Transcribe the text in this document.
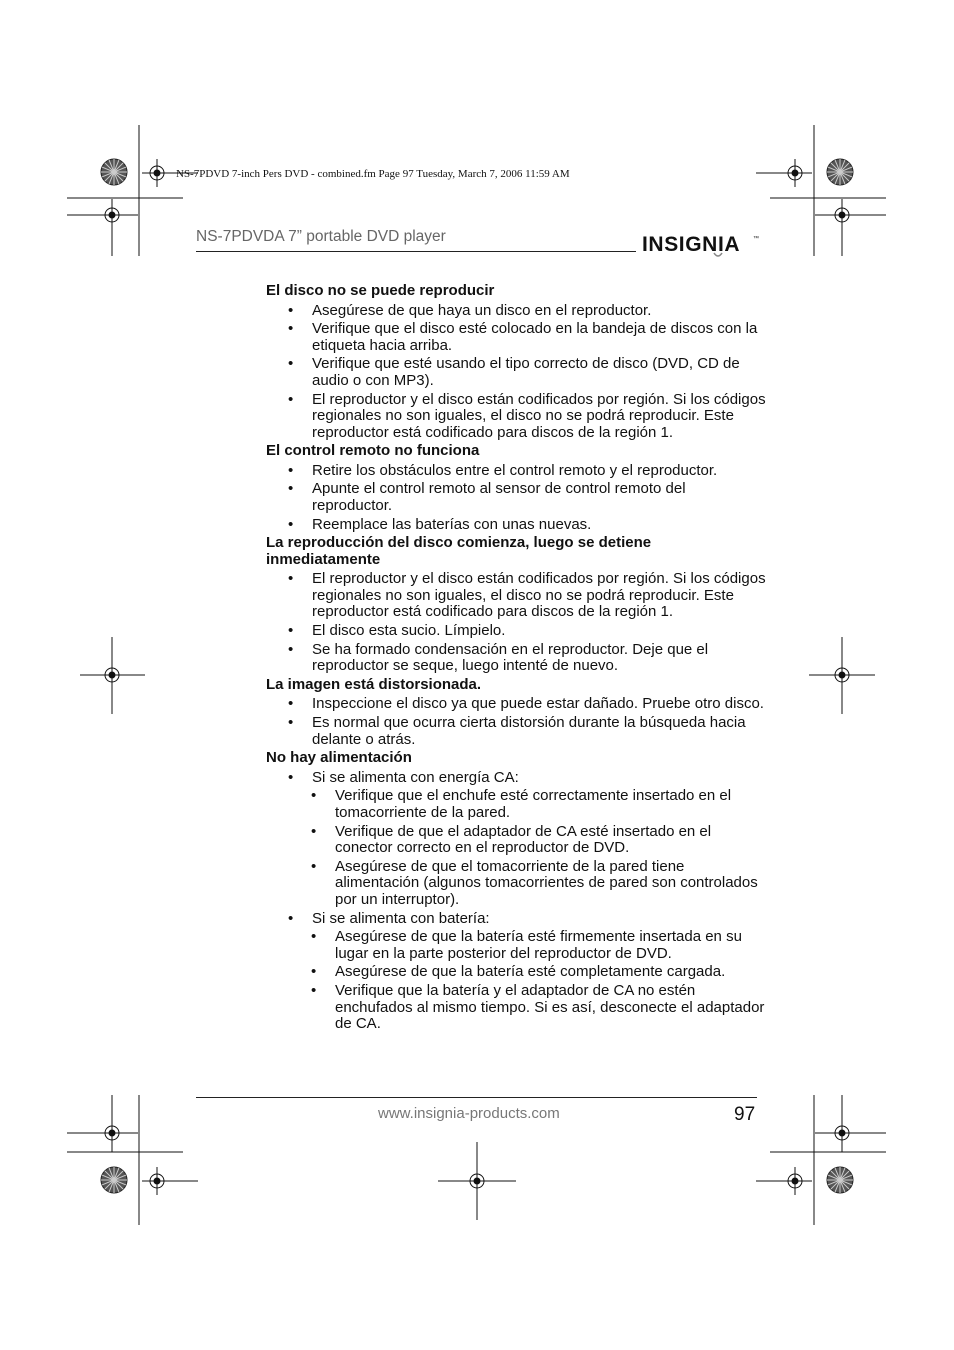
NS-7PDVD 7-inch Pers DVD - combined.fm Page 97 Tuesday, March 7, 2006 11:59 AM
NS-7PDVDA 7” portable DVD player	INSIGNIA ™
El disco no se puede reproducir
• Asegúrese de que haya un disco en el reproductor.
• Verifique que el disco esté colocado en la bandeja de discos con la etiqueta hacia arriba.
• Verifique que esté usando el tipo correcto de disco (DVD, CD de audio o con MP3).
• El reproductor y el disco están codificados por región. Si los códigos regionales no son iguales, el disco no se podrá reproducir. Este reproductor está codificado para discos de la región 1.
El control remoto no funciona
• Retire los obstáculos entre el control remoto y el reproductor.
• Apunte el control remoto al sensor de control remoto del reproductor.
• Reemplace las baterías con unas nuevas.
La reproducción del disco comienza, luego se detiene inmediatamente
• El reproductor y el disco están codificados por región. Si los códigos regionales no son iguales, el disco no se podrá reproducir. Este reproductor está codificado para discos de la región 1.
• El disco esta sucio. Límpielo.
• Se ha formado condensación en el reproductor. Deje que el reproductor se seque, luego intenté de nuevo.
La imagen está distorsionada.
• Inspeccione el disco ya que puede estar dañado. Pruebe otro disco.
• Es normal que ocurra cierta distorsión durante la búsqueda hacia delante o atrás.
No hay alimentación
• Si se alimenta con energía CA:
• Verifique que el enchufe esté correctamente insertado en el tomacorriente de la pared.
• Verifique de que el adaptador de CA esté insertado en el conector correcto en el reproductor de DVD.
• Asegúrese de que el tomacorriente de la pared tiene alimentación (algunos tomacorrientes de pared son controlados por un interruptor).
• Si se alimenta con batería:
• Asegúrese de que la batería esté firmemente insertada en su lugar en la parte posterior del reproductor de DVD.
• Asegúrese de que la batería esté completamente cargada.
• Verifique que la batería y el adaptador de CA no estén enchufados al mismo tiempo. Si es así, desconecte el adaptador de CA.
www.insignia-products.com	97
